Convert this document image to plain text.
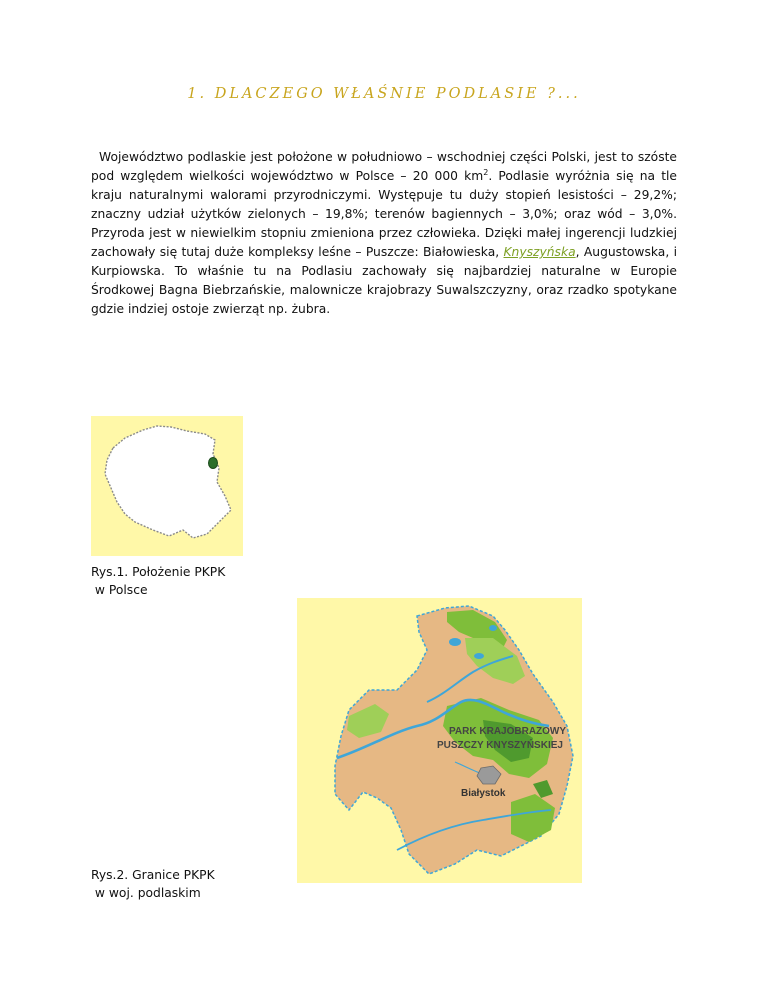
1. DLACZEGO WŁAŚNIE PODLASIE ?...

Województwo podlaskie jest położone w południowo – wschodniej części Polski, jest to szóste pod względem wielkości województwo w Polsce – 20 000 $km^2$. Podlasie wyróżnia się na tle kraju naturalnymi walorami przyrodniczymi. Występuje tu duży stopień lesistości – 29,2%; znaczny udział użytków zielonych – 19,8%; terenów bagiennych – 3,0%; oraz wód – 3,0%. Przyroda jest w niewielkim stopniu zmieniona przez człowieka. Dzięki małej ingerencji ludzkiej zachowały się tutaj duże kompleksy leśne – Puszcze: Białowieska, Knyszyńska, Augustowska, i Kurpiowska. To właśnie tu na Podlasiu zachowały się najbardziej naturalne w Europie Środkowej Bagna Biebrzańskie, malownicze krajobrazy Suwalszczyzny, oraz rzadko spotykane gdzie indziej ostoje zwierząt np. żubra.

Rys.1. Położenie PKPK
w Polsce
PARK KRAJOBRAZOWY
PUSZCZY KNYSZYŃSKIEJ
Białystok
Rys.2. Granice PKPK
w woj. podlaskim
